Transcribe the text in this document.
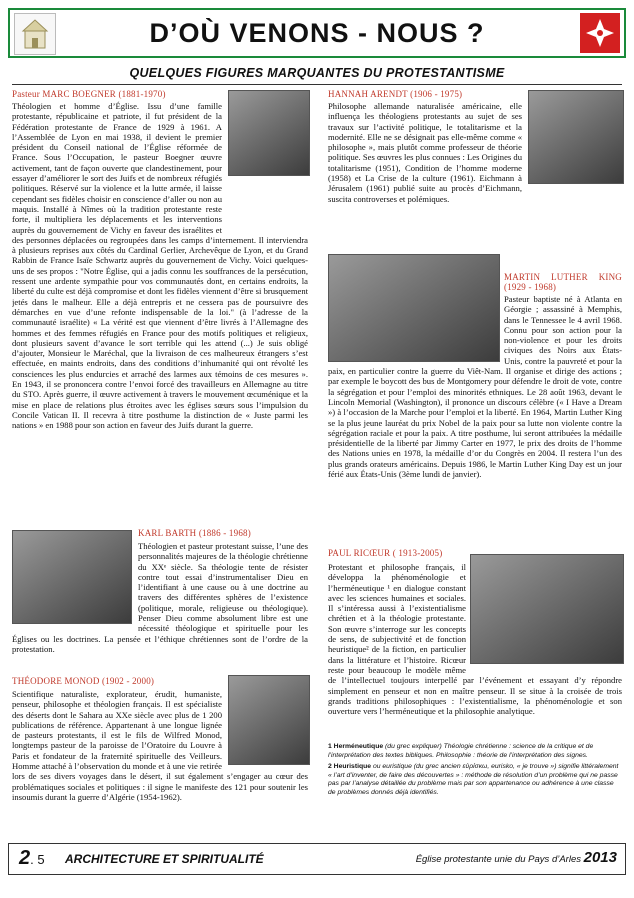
D’OÙ VENONS - NOUS ?
QUELQUES FIGURES MARQUANTES DU PROTESTANTISME
Pasteur MARC BOEGNER (1881-1970)
Théologien et homme d’Église. Issu d’une famille protestante, républicaine et patriote, il fut président de la Fédération protestante de France de 1929 à 1961. A l’Assemblée de Lyon en mai 1938, il devient le premier président du Conseil national de l’Église réformée de France. Sous l’Occupation, le pasteur Boegner œuvre activement, tant de façon ouverte que clandestinement, pour essayer d’améliorer le sort des Juifs et de nombreux réfugiés politiques. Réservé sur la violence et la lutte armée, il laisse cependant ses fidèles choisir en conscience d’aller ou non au maquis. Installé à Nîmes où la tradition protestante reste forte, il multipliera les déplacements et les interventions auprès du gouvernement de Vichy en faveur des israélites et des personnes déplacées ou regroupées dans les camps d’internement. Il interviendra à plusieurs reprises aux côtés du Cardinal Gerlier, Archevêque de Lyon, et du Grand Rabbin de France Isaïe Schwartz auprès du gouvernement de Vichy. Voici quelques-uns de ses propos : "Notre Église, qui a jadis connu les souffrances de la persécution, ressent une ardente sympathie pour vos communautés dont, en certains endroits, la liberté du culte est déjà compromise et dont les fidèles viennent d’être si brusquement jetés dans le malheur. Elle a déjà entrepris et ne cessera pas de poursuivre des démarches en vue d’une refonte indispensable de la loi." (à l’adresse de la communauté israélite) « La vérité est que viennent d’être livrés à l’Allemagne des hommes et des femmes réfugiés en France pour des motifs politiques et religieux, dont plusieurs savent d’avance le sort terrible qui les attend (...) Je suis obligé d’ajouter, Monsieur le Maréchal, que la livraison de ces malheureux étrangers s’est effectuée, en maints endroits, dans des conditions d’inhumanité qui ont révolté les consciences les plus endurcies et arraché des larmes aux témoins de ces mesures ». En 1943, il se prononcera contre l’envoi forcé des travailleurs en Allemagne au titre du STO. Après guerre, il œuvre activement à travers le mouvement œcuménique et la mise en place de relations plus étroites avec les églises sœurs sous l’impulsion du Concile Vatican II. Il recevra à titre posthume la distinction de « Juste parmi les nations » en 1988 pour son action en faveur des Juifs durant la guerre.
KARL BARTH (1886 - 1968)
Théologien et pasteur protestant suisse, l’une des personnalités majeures de la théologie chrétienne du XXᵉ siècle. Sa théologie tente de résister contre tout essai d’instrumentaliser Dieu en l’identifiant à une cause ou à une doctrine au travers des différentes sphères de l’existence (politique, morale, religieuse ou théologique). Penser Dieu comme absolument libre est une nécessité théologique et spirituelle pour les Églises ou les doctrines. La pensée et l’éthique chrétiennes sont de l’ordre de la protestation.
THÉODORE MONOD (1902 - 2000)
Scientifique naturaliste, explorateur, érudit, humaniste, penseur, philosophe et théologien français. Il est spécialiste des déserts dont le Sahara au XXe siècle avec plus de 1 200 publications de référence. Appartenant à une longue lignée de pasteurs protestants, il est le fils de Wilfred Monod, longtemps pasteur de la paroisse de l’Oratoire du Louvre à Paris et fondateur de la fraternité spirituelle des Veilleurs. Homme attaché à l’observation du monde et à une vie retirée lors de ses divers voyages dans le désert, il sut également s’engager au cœur des problématiques sociales et politiques : il signe le manifeste des 121 pour soutenir les insoumis durant la guerre d’Algérie (1954-1962).
HANNAH ARENDT (1906 - 1975)
Philosophe allemande naturalisée américaine, elle influença les théologiens protestants au sujet de ses travaux sur l’activité politique, le totalitarisme et la modernité. Elle ne se désignait pas elle-même comme « philosophe », mais plutôt comme professeur de théorie politique. Ses œuvres les plus connues : Les Origines du totalitarisme (1951), Condition de l’homme moderne (1958) et La Crise de la culture (1961). Eichmann à Jérusalem (1961) publié suite au procès d’Eichmann, suscita controverses et polémiques.
MARTIN LUTHER KING (1929 - 1968)
Pasteur baptiste né à Atlanta en Géorgie ; assassiné à Memphis, dans le Tennessee le 4 avril 1968. Connu pour son action pour la non-violence et pour les droits civiques des Noirs aux États-Unis, contre la pauvreté et pour la paix, en particulier contre la guerre du Viêt-Nam. Il organise et dirige des actions ; par exemple le boycott des bus de Montgomery pour défendre le droit de vote, contre la ségrégation et pour l’emploi des minorités ethniques. Le 28 août 1963, devant le Lincoln Memorial (Washington), il prononce un discours célèbre (« I Have a Dream ») à l’occasion de la Marche pour l’emploi et la liberté. En 1964, Martin Luther King se la plus jeune lauréat du prix Nobel de la paix pour sa lutte non violente contre la ségrégation raciale et pour la paix. A titre posthume, lui seront attribuées la médaille présidentielle de la liberté par Jimmy Carter en 1977, le prix des droits de l’homme des Nations unies en 1978, la médaille d’or du Congrès en 2004. Il restera l’un des plus grands orateurs américains. Depuis 1986, le Martin Luther King Day est un jour férié aux États-Unis (3ème lundi de janvier).
PAUL RICŒUR ( 1913-2005)
Protestant et philosophe français, il développa la phénoménologie et l’herméneutique ¹ en dialogue constant avec les sciences humaines et sociales. Il s’intéressa aussi à l’existentialisme chrétien et à la théologie protestante. Son œuvre s’interroge sur les concepts de sens, de subjectivité et de fonction heuristique² de la fiction, en particulier dans la littérature et l’histoire. Ricœur reste pour beaucoup le modèle même de l’intellectuel toujours interpellé par l’événement et essayant d’y répondre simplement en penseur et non en maître penseur. Il se situe à la croisée de trois grands traditions philosophiques : l’existentialisme, la phénoménologie et son ouverture vers l’herméneutique et la philosophie analytique.

1 Herméneutique (du grec expliquer) Théologie chrétienne : science de la critique et de l’interprétation des textes bibliques. Philosophie : théorie de l’interprétation des signes.

2 Heuristique ou euristique (du grec ancien εὑρίσκω, eurisko, « je trouve ») signifie littéralement « l’art d’inventer, de faire des découvertes » : méthode de résolution d’un problème qui ne passe pas par l’analyse détaillée du problème mais par son appartenance ou adhérence à une classe de problèmes donnés déjà identifiés.

2. 5 ARCHITECTURE ET SPIRITUALITÉ	Église protestante unie du Pays d’Arles 2013
